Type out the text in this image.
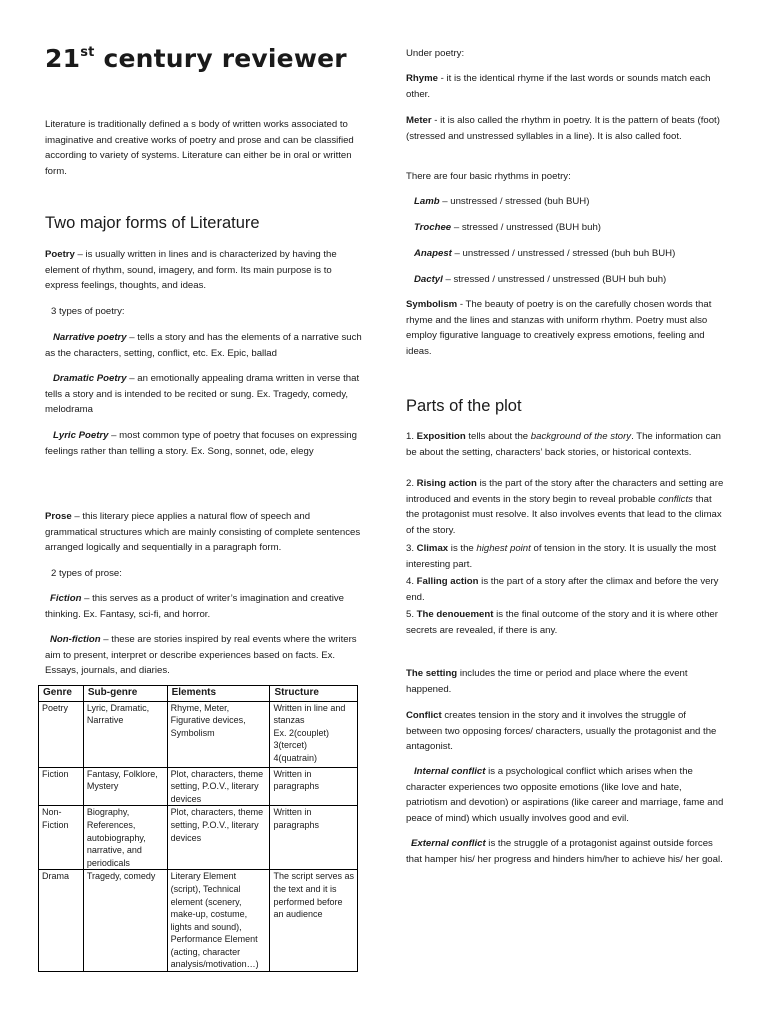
21st century reviewer

Literature is traditionally defined a s body of written works associated to imaginative and creative works of poetry and prose and can be classified according to variety of systems. Literature can either be in oral or written form.

Two major forms of Literature

Poetry – is usually written in lines and is characterized by having the element of rhythm, sound, imagery, and form. Its main purpose is to express feelings, thoughts, and ideas.

3 types of poetry:

Narrative poetry – tells a story and has the elements of a narrative such as the characters, setting, conflict, etc. Ex. Epic, ballad

Dramatic Poetry – an emotionally appealing drama written in verse that tells a story and is intended to be recited or sung. Ex. Tragedy, comedy, melodrama

Lyric Poetry – most common type of poetry that focuses on expressing feelings rather than telling a story. Ex. Song, sonnet, ode, elegy

Prose – this literary piece applies a natural flow of speech and grammatical structures which are mainly consisting of complete sentences arranged logically and sequentially in a paragraph form.

2 types of prose:

Fiction – this serves as a product of writer’s imagination and creative thinking. Ex. Fantasy, sci-fi, and horror.

Non-fiction – these are stories inspired by real events where the writers aim to present, interpret or describe experiences based on facts. Ex. Essays, journals, and diaries.

Genre	Sub-genre	Elements	Structure
Poetry	Lyric, Dramatic, Narrative	Rhyme, Meter, Figurative devices, Symbolism	Written in line and stanzas
Ex. 2(couplet)
3(tercet)
4(quatrain)
Fiction	Fantasy, Folklore, Mystery	Plot, characters, theme setting, P.O.V., literary devices	Written in paragraphs
Non-Fiction	Biography, References, autobiography, narrative, and periodicals	Plot, characters, theme setting, P.O.V., literary devices	Written in paragraphs
Drama	Tragedy, comedy	Literary Element (script), Technical element (scenery, make-up, costume, lights and sound), Performance Element (acting, character analysis/motivation…)	The script serves as the text and it is performed before an audience

Under poetry:

Rhyme - it is the identical rhyme if the last words or sounds match each other.

Meter - it is also called the rhythm in poetry. It is the pattern of beats (foot) (stressed and unstressed syllables in a line). It is also called foot.

There are four basic rhythms in poetry:

Lamb – unstressed / stressed (buh BUH)

Trochee – stressed / unstressed (BUH buh)

Anapest – unstressed / unstressed / stressed (buh buh BUH)

Dactyl – stressed / unstressed / unstressed (BUH buh buh)

Symbolism - The beauty of poetry is on the carefully chosen words that rhyme and the lines and stanzas with uniform rhythm. Poetry must also employ figurative language to creatively express emotions, feeling and ideas.

Parts of the plot

1. Exposition tells about the background of the story. The information can be about the setting, characters’ back stories, or historical contexts.

2. Rising action is the part of the story after the characters and setting are introduced and events in the story begin to reveal probable conflicts that the protagonist must resolve. It also involves events that lead to the climax of the story.

3. Climax is the highest point of tension in the story. It is usually the most interesting part.

4. Falling action is the part of a story after the climax and before the very end.

5. The denouement is the final outcome of the story and it is where other secrets are revealed, if there is any.

The setting includes the time or period and place where the event happened.

Conflict creates tension in the story and it involves the struggle of between two opposing forces/ characters, usually the protagonist and the antagonist.

Internal conflict is a psychological conflict which arises when the character experiences two opposite emotions (like love and hate, patriotism and devotion) or aspirations (like career and marriage, fame and peace of mind) which usually involves good and evil.

External conflict is the struggle of a protagonist against outside forces that hamper his/ her progress and hinders him/her to achieve his/ her goal.
